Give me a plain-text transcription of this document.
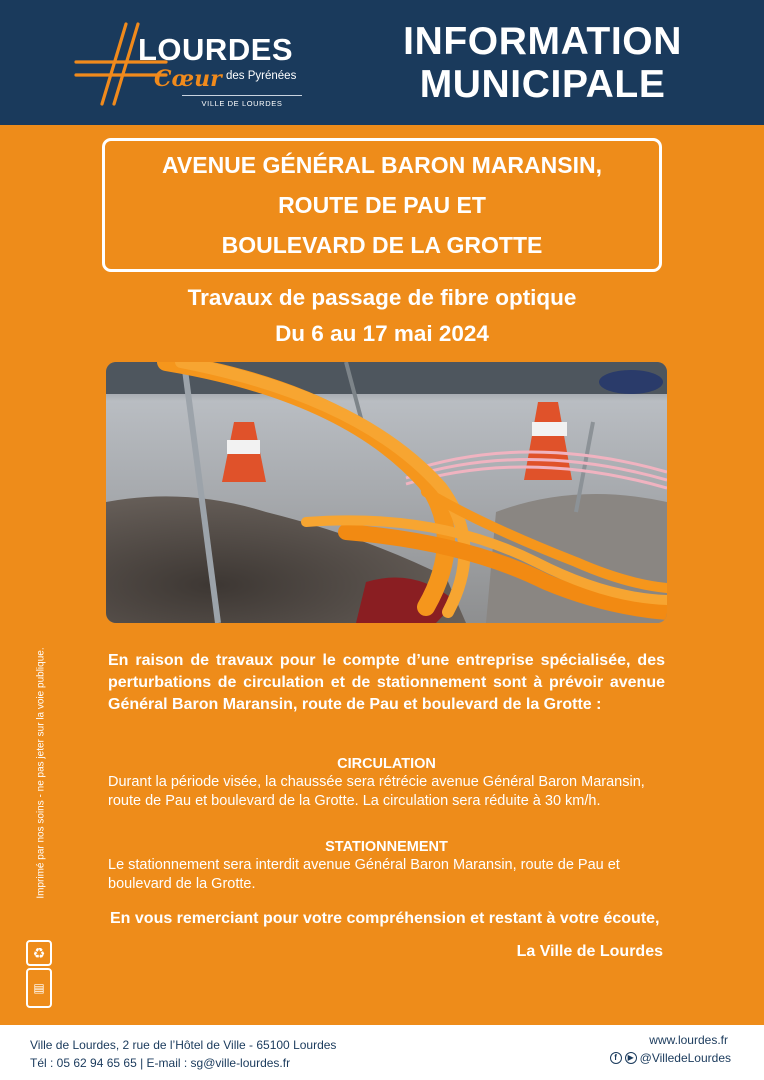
LOURDES
Cœur des Pyrénées
VILLE DE LOURDES
INFORMATION
MUNICIPALE
AVENUE GÉNÉRAL BARON MARANSIN,
ROUTE DE PAU ET
BOULEVARD DE LA GROTTE
Travaux de passage de fibre optique
Du 6 au 17 mai 2024
En raison de travaux pour le compte d’une entreprise spécialisée, des perturbations de circulation et de stationnement sont à prévoir avenue Général Baron Maransin, route de Pau et boulevard de la Grotte :
CIRCULATION
Durant la période visée, la chaussée sera rétrécie avenue Général Baron Maransin, route de Pau et boulevard de la Grotte. La circulation sera réduite à 30 km/h.
STATIONNEMENT
Le stationnement sera interdit avenue Général Baron Maransin, route de Pau et boulevard de la Grotte.
En vous remerciant pour votre compréhension et restant à votre écoute,
La Ville de Lourdes
Imprimé par nos soins - ne pas jeter sur la voie publique.
♻
▤
Ville de Lourdes, 2 rue de l’Hôtel de Ville - 65100 Lourdes
Tél : 05 62 94 65 65 | E-mail : sg@ville-lourdes.fr
www.lourdes.fr
f	▶ @VilledeLourdes
